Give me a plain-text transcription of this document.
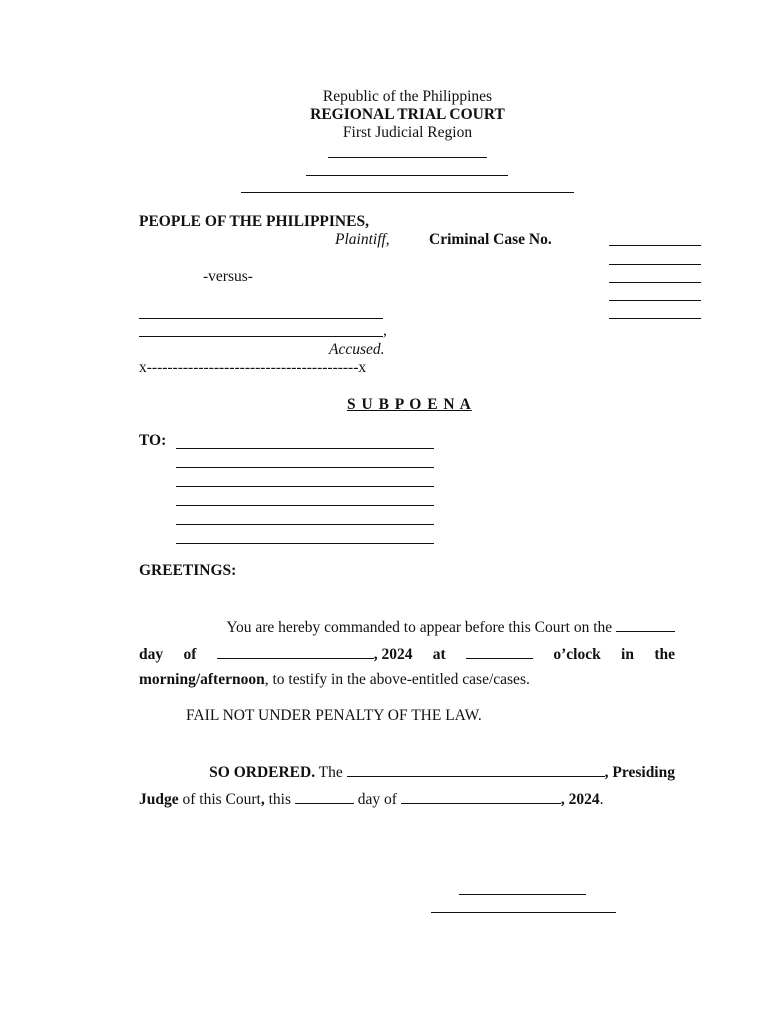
Republic of the Philippines
REGIONAL TRIAL COURT
First Judicial Region
PEOPLE OF THE PHILIPPINES,
Plaintiff,	Criminal Case No.
-versus-
,
Accused.
x-----------------------------------------x
S U B P O E N A
TO:
GREETINGS:
You are hereby commanded to appear before this Court on the
day of	, 2024 at	o’clock in the
morning/afternoon, to testify in the above-entitled case/cases.
FAIL NOT UNDER PENALTY OF THE LAW.
SO ORDERED. The	, Presiding
Judge of this Court, this	day of	, 2024.
